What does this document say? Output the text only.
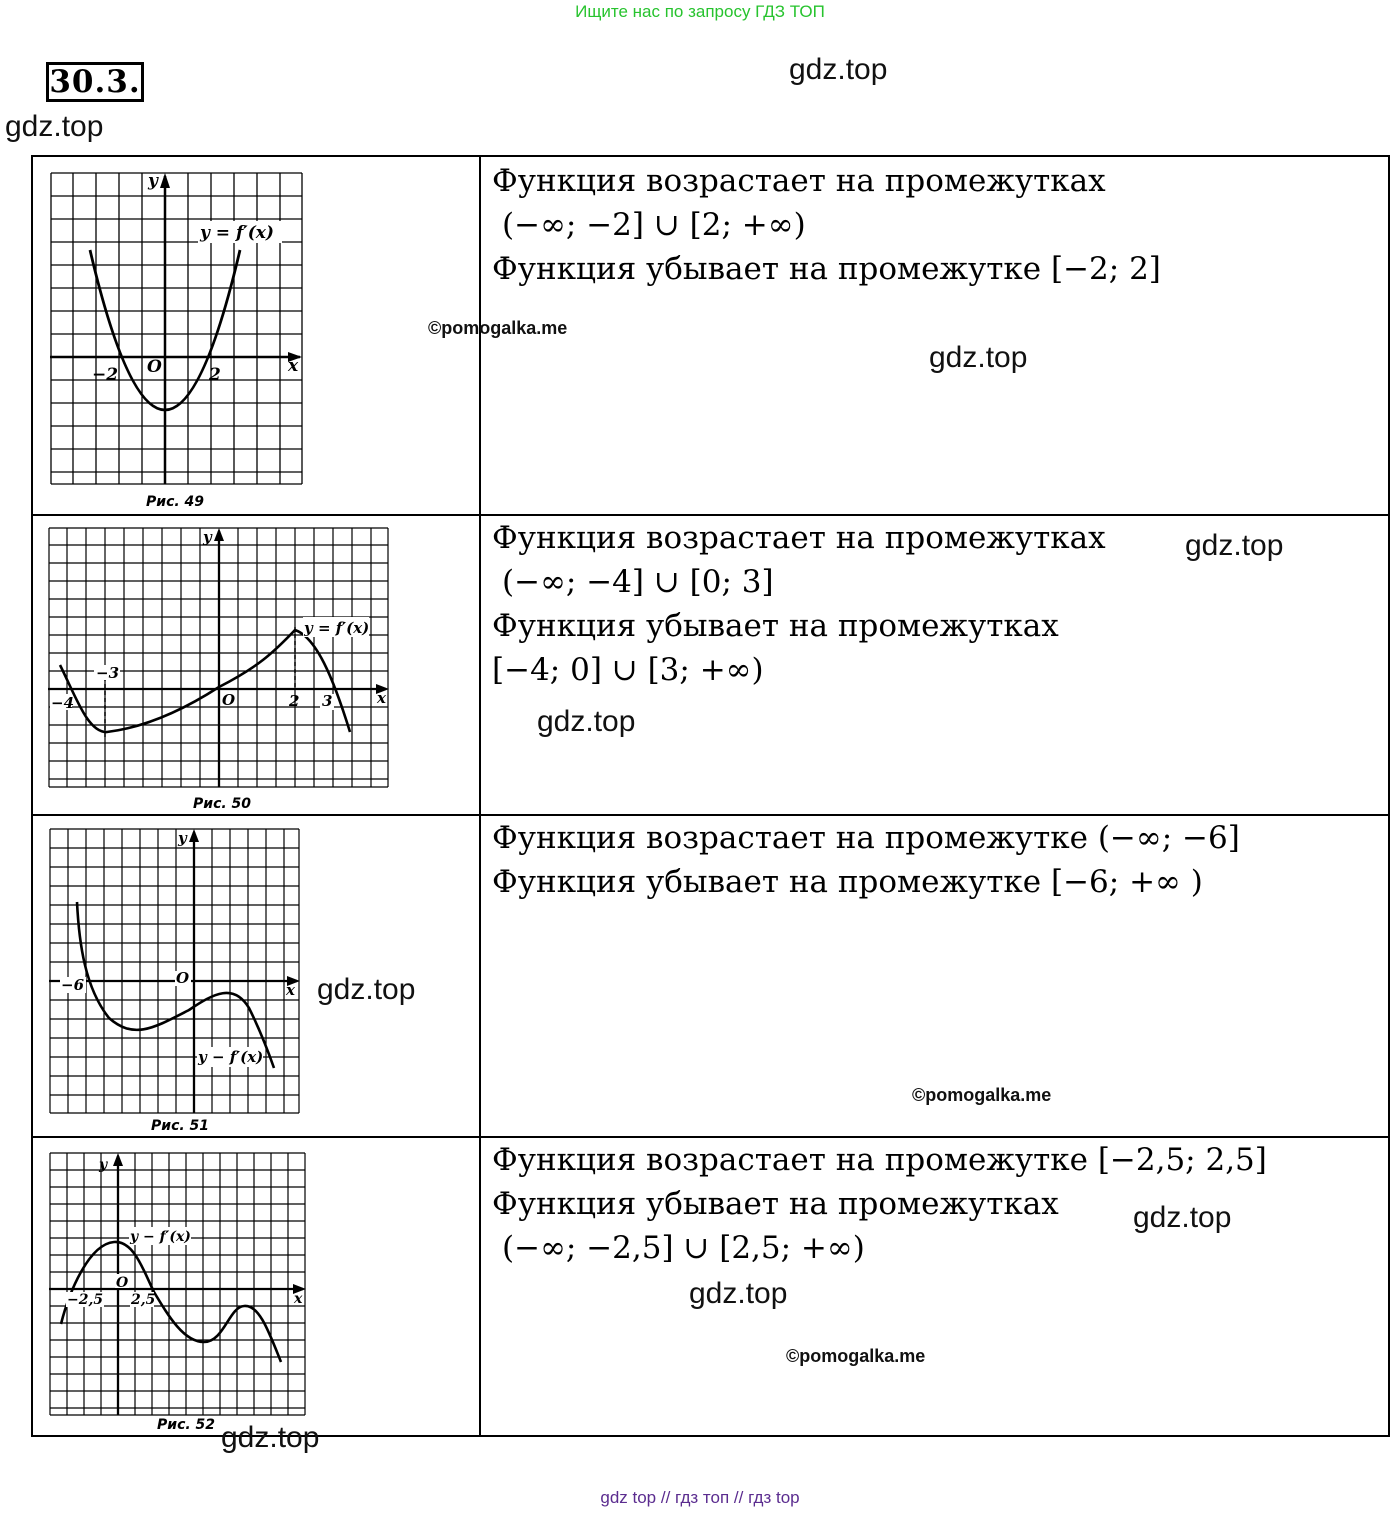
Ищите нас по запросу ГДЗ ТОП
30.3.	gdz.top
gdz.top
x
y
O
−2	2
y = f′(x)
Рис. 49
Функция возрастает на промежутках
(−∞; −2] ∪ [2; +∞)
Функция убывает на промежутке [−2; 2]
x
y
O
−4
−3
2 3
y = f′(x)
Рис. 50
Функция возрастает на промежутках
(−∞; −4] ∪ [0; 3]
Функция убывает на промежутках
[−4; 0] ∪ [3; +∞)
x
y
O
−6
y − f′(x)
Рис. 51
Функция возрастает на промежутке (−∞; −6]
Функция убывает на промежутке [−6; +∞ )
x
y
O
−2,5 2,5
y − f′(x)
Рис. 52
Функция возрастает на промежутке [−2,5; 2,5]
Функция убывает на промежутках
(−∞; −2,5] ∪ [2,5; +∞)
©pomogalka.me
gdz.top
gdz.top
gdz.top
gdz.top
©pomogalka.me
gdz.top
gdz.top
©pomogalka.me
gdz.top
gdz top // гдз топ // гдз top
